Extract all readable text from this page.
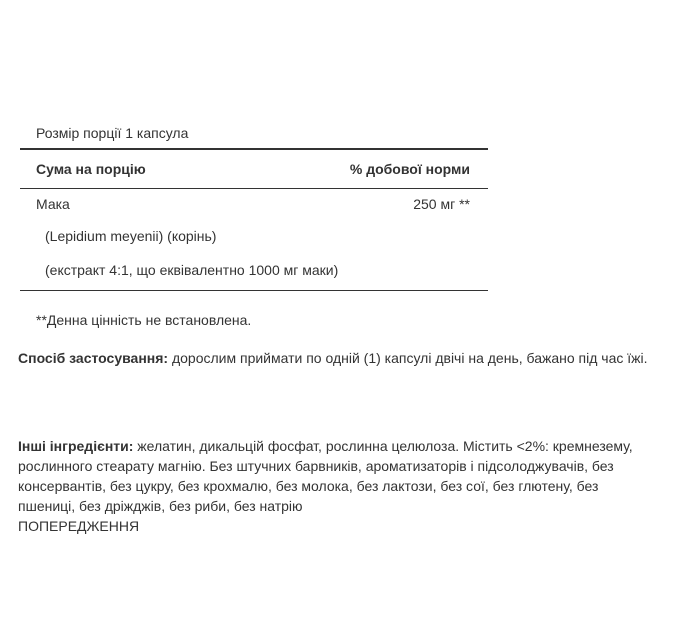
Розмір порції 1 капсула
Сума на порцію	% добової норми
Мака	250 мг **
(Lepidium meyenii) (корінь)
(екстракт 4:1, що еквівалентно 1000 мг маки)
**Денна цінність не встановлена.
Спосіб застосування: дорослим приймати по одній (1) капсулі двічі на день, бажано під час їжі.
Інші інгредієнти: желатин, дикальцій фосфат, рослинна целюлоза. Містить <2%: кремнезему, рослинного стеарату магнію. Без штучних барвників, ароматизаторів і підсолоджувачів, без консервантів, без цукру, без крохмалю, без молока, без лактози, без сої, без глютену, без пшениці, без дріжджів, без риби, без натрію
ПОПЕРЕДЖЕННЯ
